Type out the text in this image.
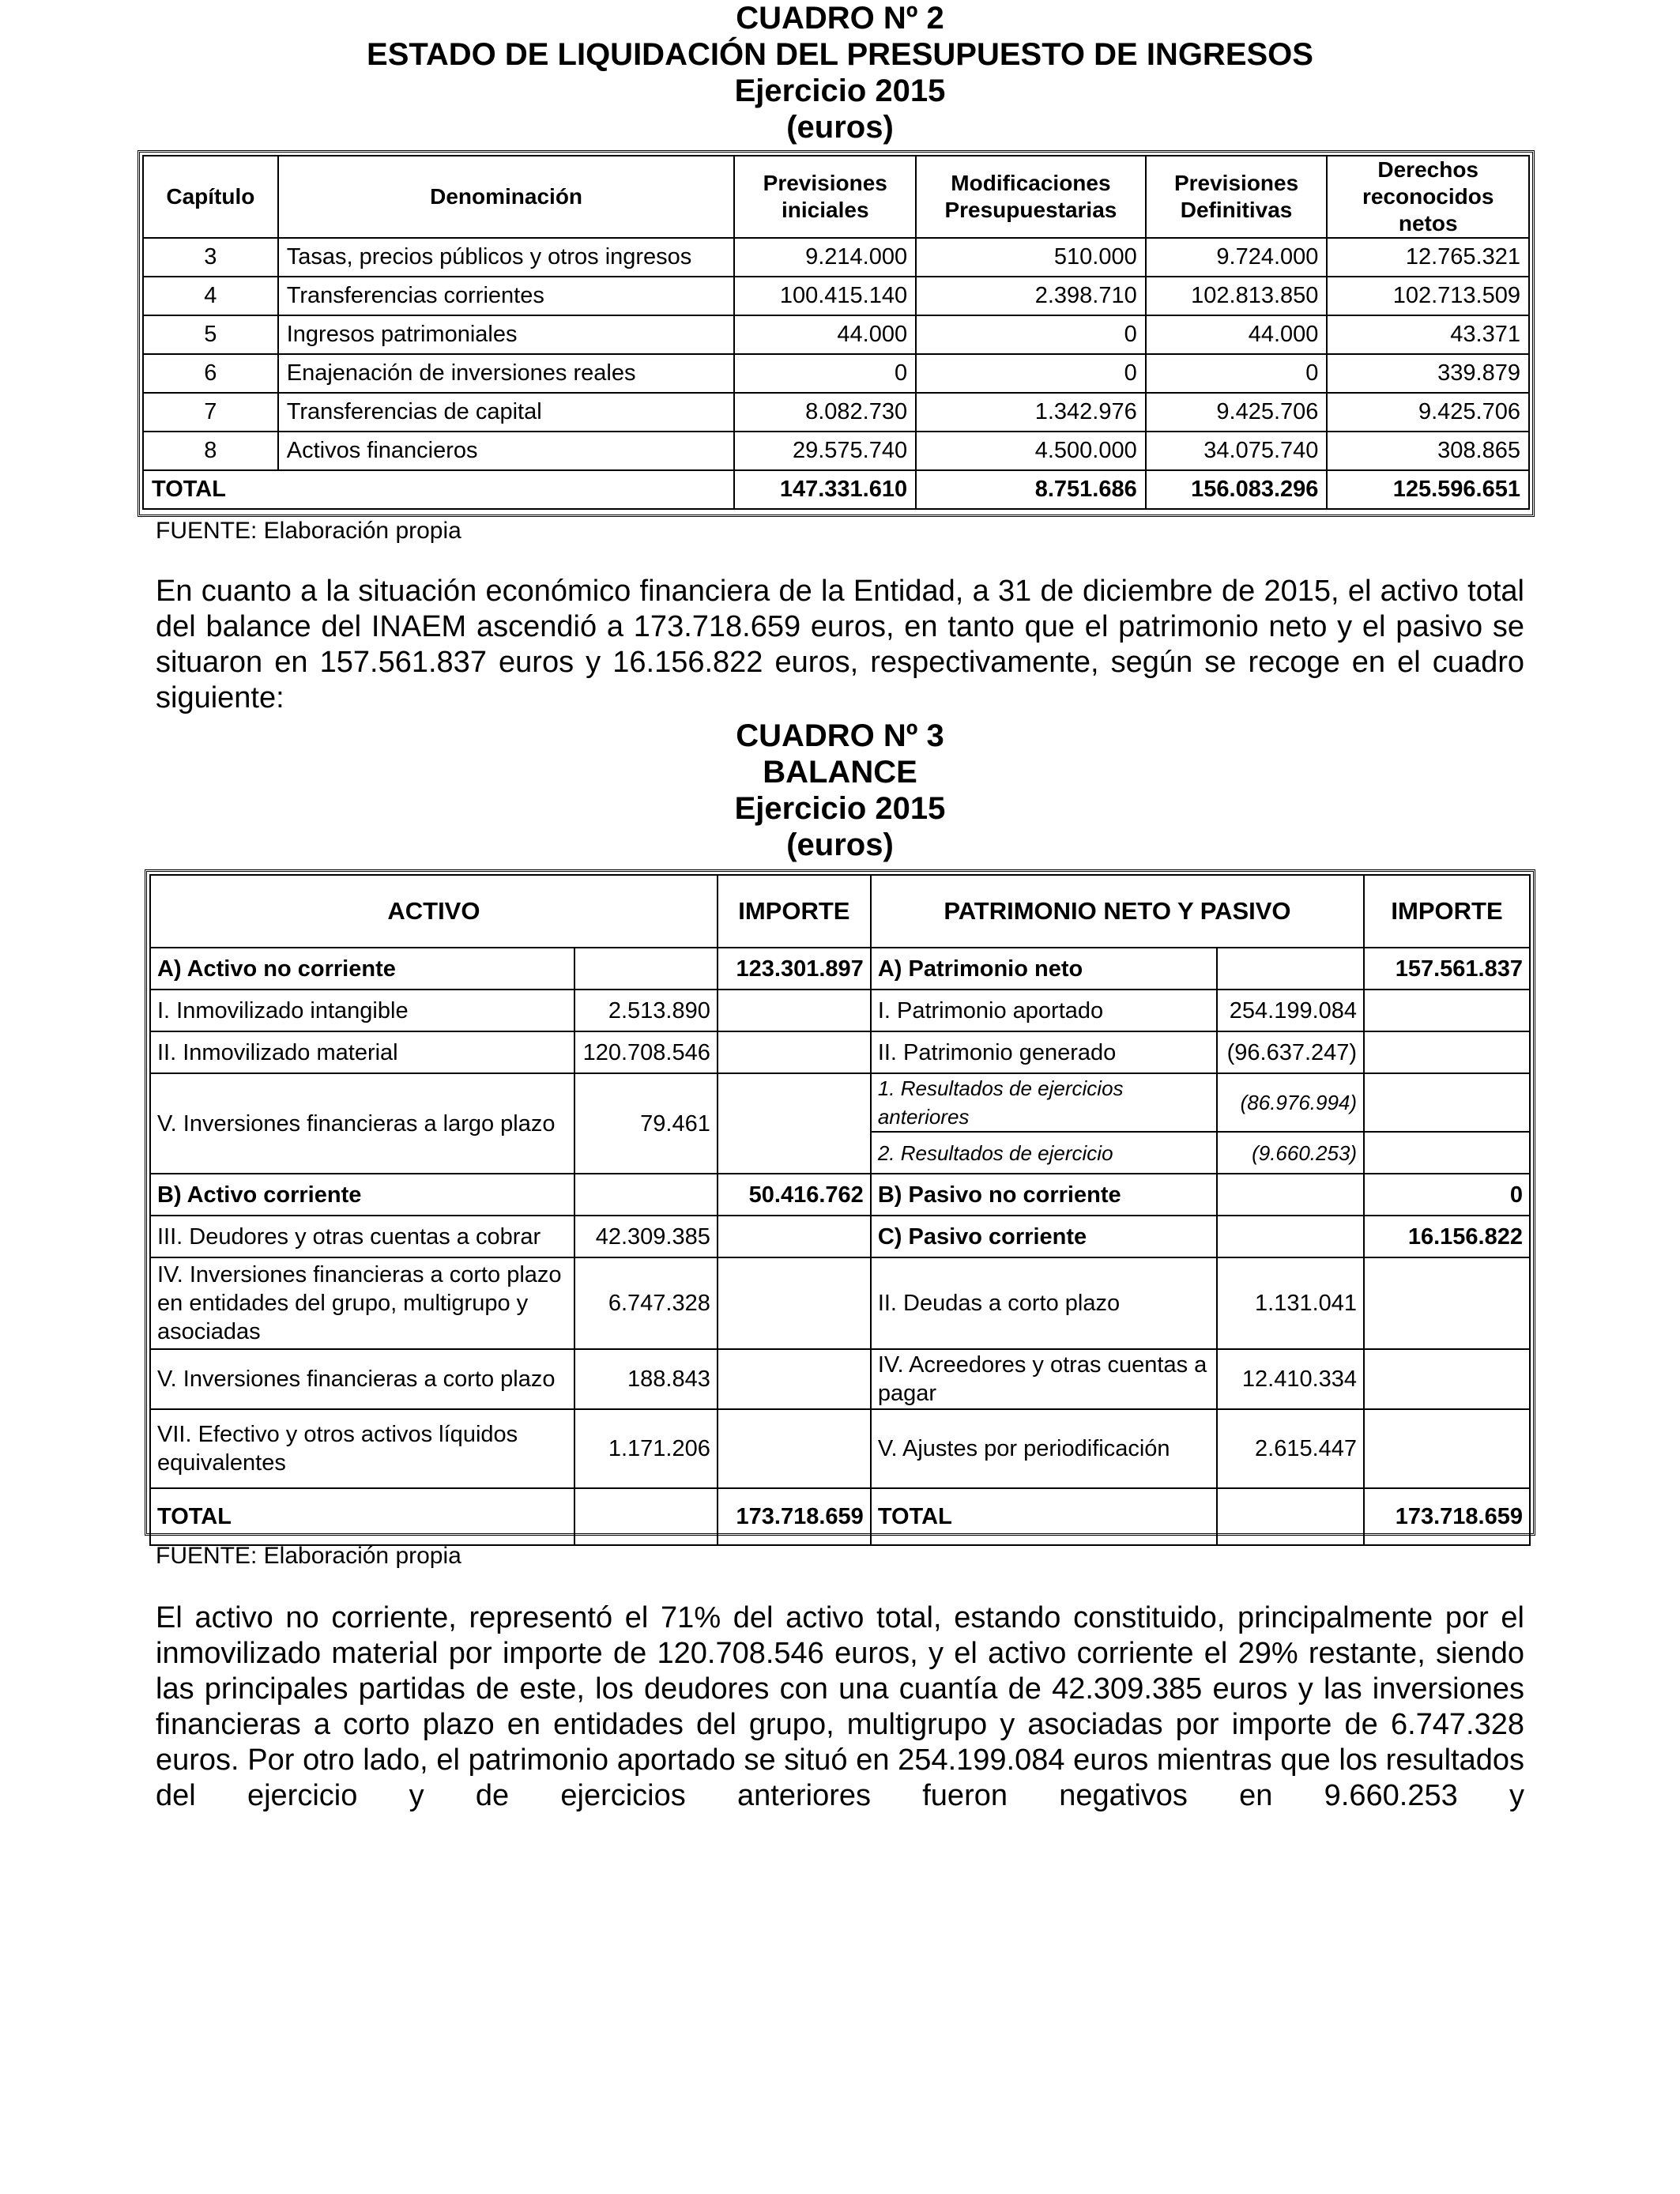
CUADRO Nº 2
ESTADO DE LIQUIDACIÓN DEL PRESUPUESTO DE INGRESOS
Ejercicio 2015
(euros)
Capítulo	Denominación	Previsiones iniciales	Modificaciones Presupuestarias	Previsiones Definitivas	Derechos reconocidos netos
3	Tasas, precios públicos y otros ingresos	9.214.000	510.000	9.724.000	12.765.321
4	Transferencias corrientes	100.415.140	2.398.710	102.813.850	102.713.509
5	Ingresos patrimoniales	44.000	0	44.000	43.371
6	Enajenación de inversiones reales	0	0	0	339.879
7	Transferencias de capital	8.082.730	1.342.976	9.425.706	9.425.706
8	Activos financieros	29.575.740	4.500.000	34.075.740	308.865
TOTAL		147.331.610	8.751.686	156.083.296	125.596.651
FUENTE: Elaboración propia
En cuanto a la situación económico financiera de la Entidad, a 31 de diciembre de 2015, el activo total del balance del INAEM ascendió a 173.718.659 euros, en tanto que el patrimonio neto y el pasivo se situaron en 157.561.837 euros y 16.156.822 euros, respectivamente, según se recoge en el cuadro siguiente:
CUADRO Nº 3
BALANCE
Ejercicio 2015
(euros)
ACTIVO		IMPORTE	PATRIMONIO NETO Y PASIVO		IMPORTE
A) Activo no corriente		123.301.897	A) Patrimonio neto		157.561.837
I. Inmovilizado intangible	2.513.890		I. Patrimonio aportado	254.199.084	
II. Inmovilizado material	120.708.546		II. Patrimonio generado	(96.637.247)	
V. Inversiones financieras a largo plazo	79.461		1. Resultados de ejercicios anteriores	(86.976.994)	
			2. Resultados de ejercicio	(9.660.253)	
B) Activo corriente		50.416.762	B) Pasivo no corriente		0
III. Deudores y otras cuentas a cobrar	42.309.385		C) Pasivo corriente		16.156.822
IV. Inversiones financieras a corto plazo en entidades del grupo, multigrupo y asociadas	6.747.328		II. Deudas a corto plazo	1.131.041	
V. Inversiones financieras a corto plazo	188.843		IV. Acreedores y otras cuentas a pagar	12.410.334	
VII. Efectivo y otros activos líquidos equivalentes	1.171.206		V. Ajustes por periodificación	2.615.447	
TOTAL		173.718.659	TOTAL		173.718.659
FUENTE: Elaboración propia
El activo no corriente, representó el 71% del activo total, estando constituido, principalmente por el inmovilizado material por importe de 120.708.546 euros, y el activo corriente el 29% restante, siendo las principales partidas de este, los deudores con una cuantía de 42.309.385 euros y las inversiones financieras a corto plazo en entidades del grupo, multigrupo y asociadas por importe de 6.747.328 euros. Por otro lado, el patrimonio aportado se situó en 254.199.084 euros mientras que los resultados del ejercicio y de ejercicios anteriores fueron negativos en 9.660.253 y
